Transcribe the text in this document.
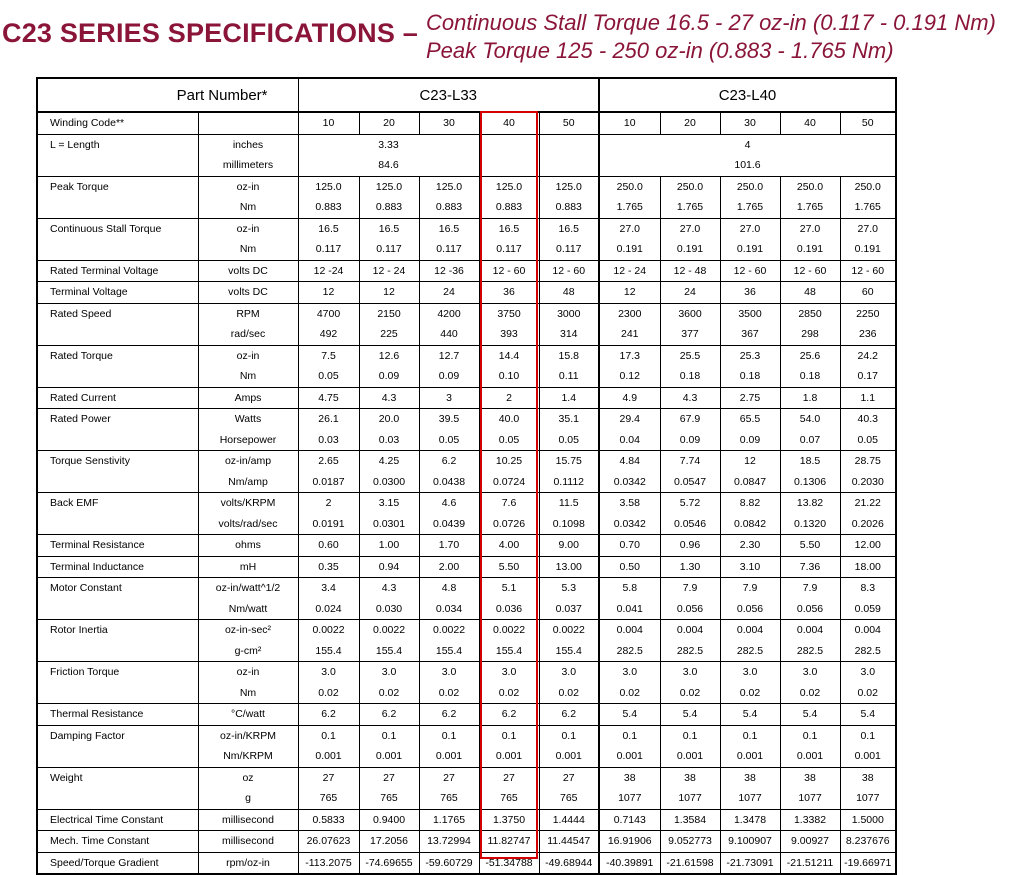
C23 SERIES SPECIFICATIONS – Continuous Stall Torque 16.5 - 27 oz-in (0.117 - 0.191 Nm)
Peak Torque 125 - 250 oz-in (0.883 - 1.765 Nm)
Part Number*		C23-L33					C23-L40				
Winding Code**		10	20	30	40	50	10	20	30	40	50
L = Length	inches	3.33					4				
	millimeters	84.6					101.6				
Peak Torque	oz-in	125.0	125.0	125.0	125.0	125.0	250.0	250.0	250.0	250.0	250.0
	Nm	0.883	0.883	0.883	0.883	0.883	1.765	1.765	1.765	1.765	1.765
Continuous Stall Torque	oz-in	16.5	16.5	16.5	16.5	16.5	27.0	27.0	27.0	27.0	27.0
	Nm	0.117	0.117	0.117	0.117	0.117	0.191	0.191	0.191	0.191	0.191
Rated Terminal Voltage	volts DC	12 -24	12 - 24	12 -36	12 - 60	12 - 60	12 - 24	12 - 48	12 - 60	12 - 60	12 - 60
Terminal Voltage	volts DC	12	12	24	36	48	12	24	36	48	60
Rated Speed	RPM	4700	2150	4200	3750	3000	2300	3600	3500	2850	2250
	rad/sec	492	225	440	393	314	241	377	367	298	236
Rated Torque	oz-in	7.5	12.6	12.7	14.4	15.8	17.3	25.5	25.3	25.6	24.2
	Nm	0.05	0.09	0.09	0.10	0.11	0.12	0.18	0.18	0.18	0.17
Rated Current	Amps	4.75	4.3	3	2	1.4	4.9	4.3	2.75	1.8	1.1
Rated Power	Watts	26.1	20.0	39.5	40.0	35.1	29.4	67.9	65.5	54.0	40.3
	Horsepower	0.03	0.03	0.05	0.05	0.05	0.04	0.09	0.09	0.07	0.05
Torque Senstivity	oz-in/amp	2.65	4.25	6.2	10.25	15.75	4.84	7.74	12	18.5	28.75
	Nm/amp	0.0187	0.0300	0.0438	0.0724	0.1112	0.0342	0.0547	0.0847	0.1306	0.2030
Back EMF	volts/KRPM	2	3.15	4.6	7.6	11.5	3.58	5.72	8.82	13.82	21.22
	volts/rad/sec	0.0191	0.0301	0.0439	0.0726	0.1098	0.0342	0.0546	0.0842	0.1320	0.2026
Terminal Resistance	ohms	0.60	1.00	1.70	4.00	9.00	0.70	0.96	2.30	5.50	12.00
Terminal Inductance	mH	0.35	0.94	2.00	5.50	13.00	0.50	1.30	3.10	7.36	18.00
Motor Constant	oz-in/watt^1/2	3.4	4.3	4.8	5.1	5.3	5.8	7.9	7.9	7.9	8.3
	Nm/watt	0.024	0.030	0.034	0.036	0.037	0.041	0.056	0.056	0.056	0.059
Rotor Inertia	oz-in-sec²	0.0022	0.0022	0.0022	0.0022	0.0022	0.004	0.004	0.004	0.004	0.004
	g-cm²	155.4	155.4	155.4	155.4	155.4	282.5	282.5	282.5	282.5	282.5
Friction Torque	oz-in	3.0	3.0	3.0	3.0	3.0	3.0	3.0	3.0	3.0	3.0
	Nm	0.02	0.02	0.02	0.02	0.02	0.02	0.02	0.02	0.02	0.02
Thermal Resistance	°C/watt	6.2	6.2	6.2	6.2	6.2	5.4	5.4	5.4	5.4	5.4
Damping Factor	oz-in/KRPM	0.1	0.1	0.1	0.1	0.1	0.1	0.1	0.1	0.1	0.1
	Nm/KRPM	0.001	0.001	0.001	0.001	0.001	0.001	0.001	0.001	0.001	0.001
Weight	oz	27	27	27	27	27	38	38	38	38	38
	g	765	765	765	765	765	1077	1077	1077	1077	1077
Electrical Time Constant	millisecond	0.5833	0.9400	1.1765	1.3750	1.4444	0.7143	1.3584	1.3478	1.3382	1.5000
Mech. Time Constant	millisecond	26.07623	17.2056	13.72994	11.82747	11.44547	16.91906	9.052773	9.100907	9.00927	8.237676
Speed/Torque Gradient	rpm/oz-in	-113.2075	-74.69655	-59.60729	-51.34788	-49.68944	-40.39891	-21.61598	-21.73091	-21.51211	-19.66971
